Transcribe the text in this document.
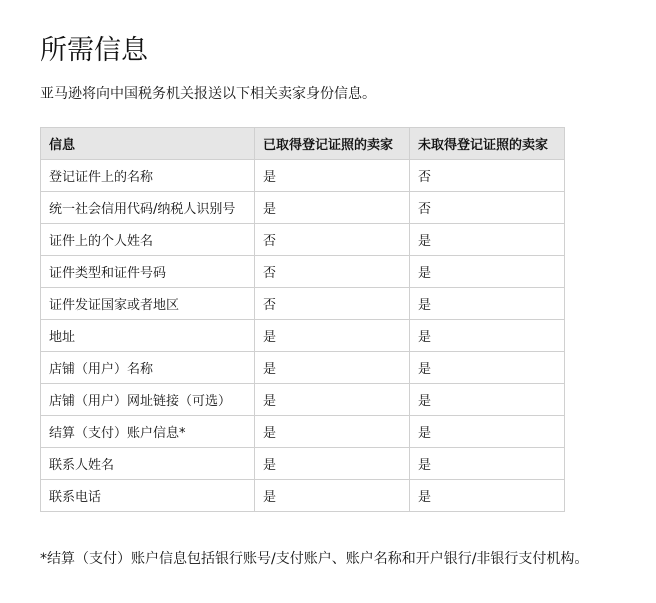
所需信息
亚马逊将向中国税务机关报送以下相关卖家身份信息。
信息	已取得登记证照的卖家	未取得登记证照的卖家
登记证件上的名称	是	否
统一社会信用代码/纳税人识别号	是	否
证件上的个人姓名	否	是
证件类型和证件号码	否	是
证件发证国家或者地区	否	是
地址	是	是
店铺（用户）名称	是	是
店铺（用户）网址链接（可选）	是	是
结算（支付）账户信息*	是	是
联系人姓名	是	是
联系电话	是	是
*结算（支付）账户信息包括银行账号/支付账户、账户名称和开户银行/非银行支付机构。
